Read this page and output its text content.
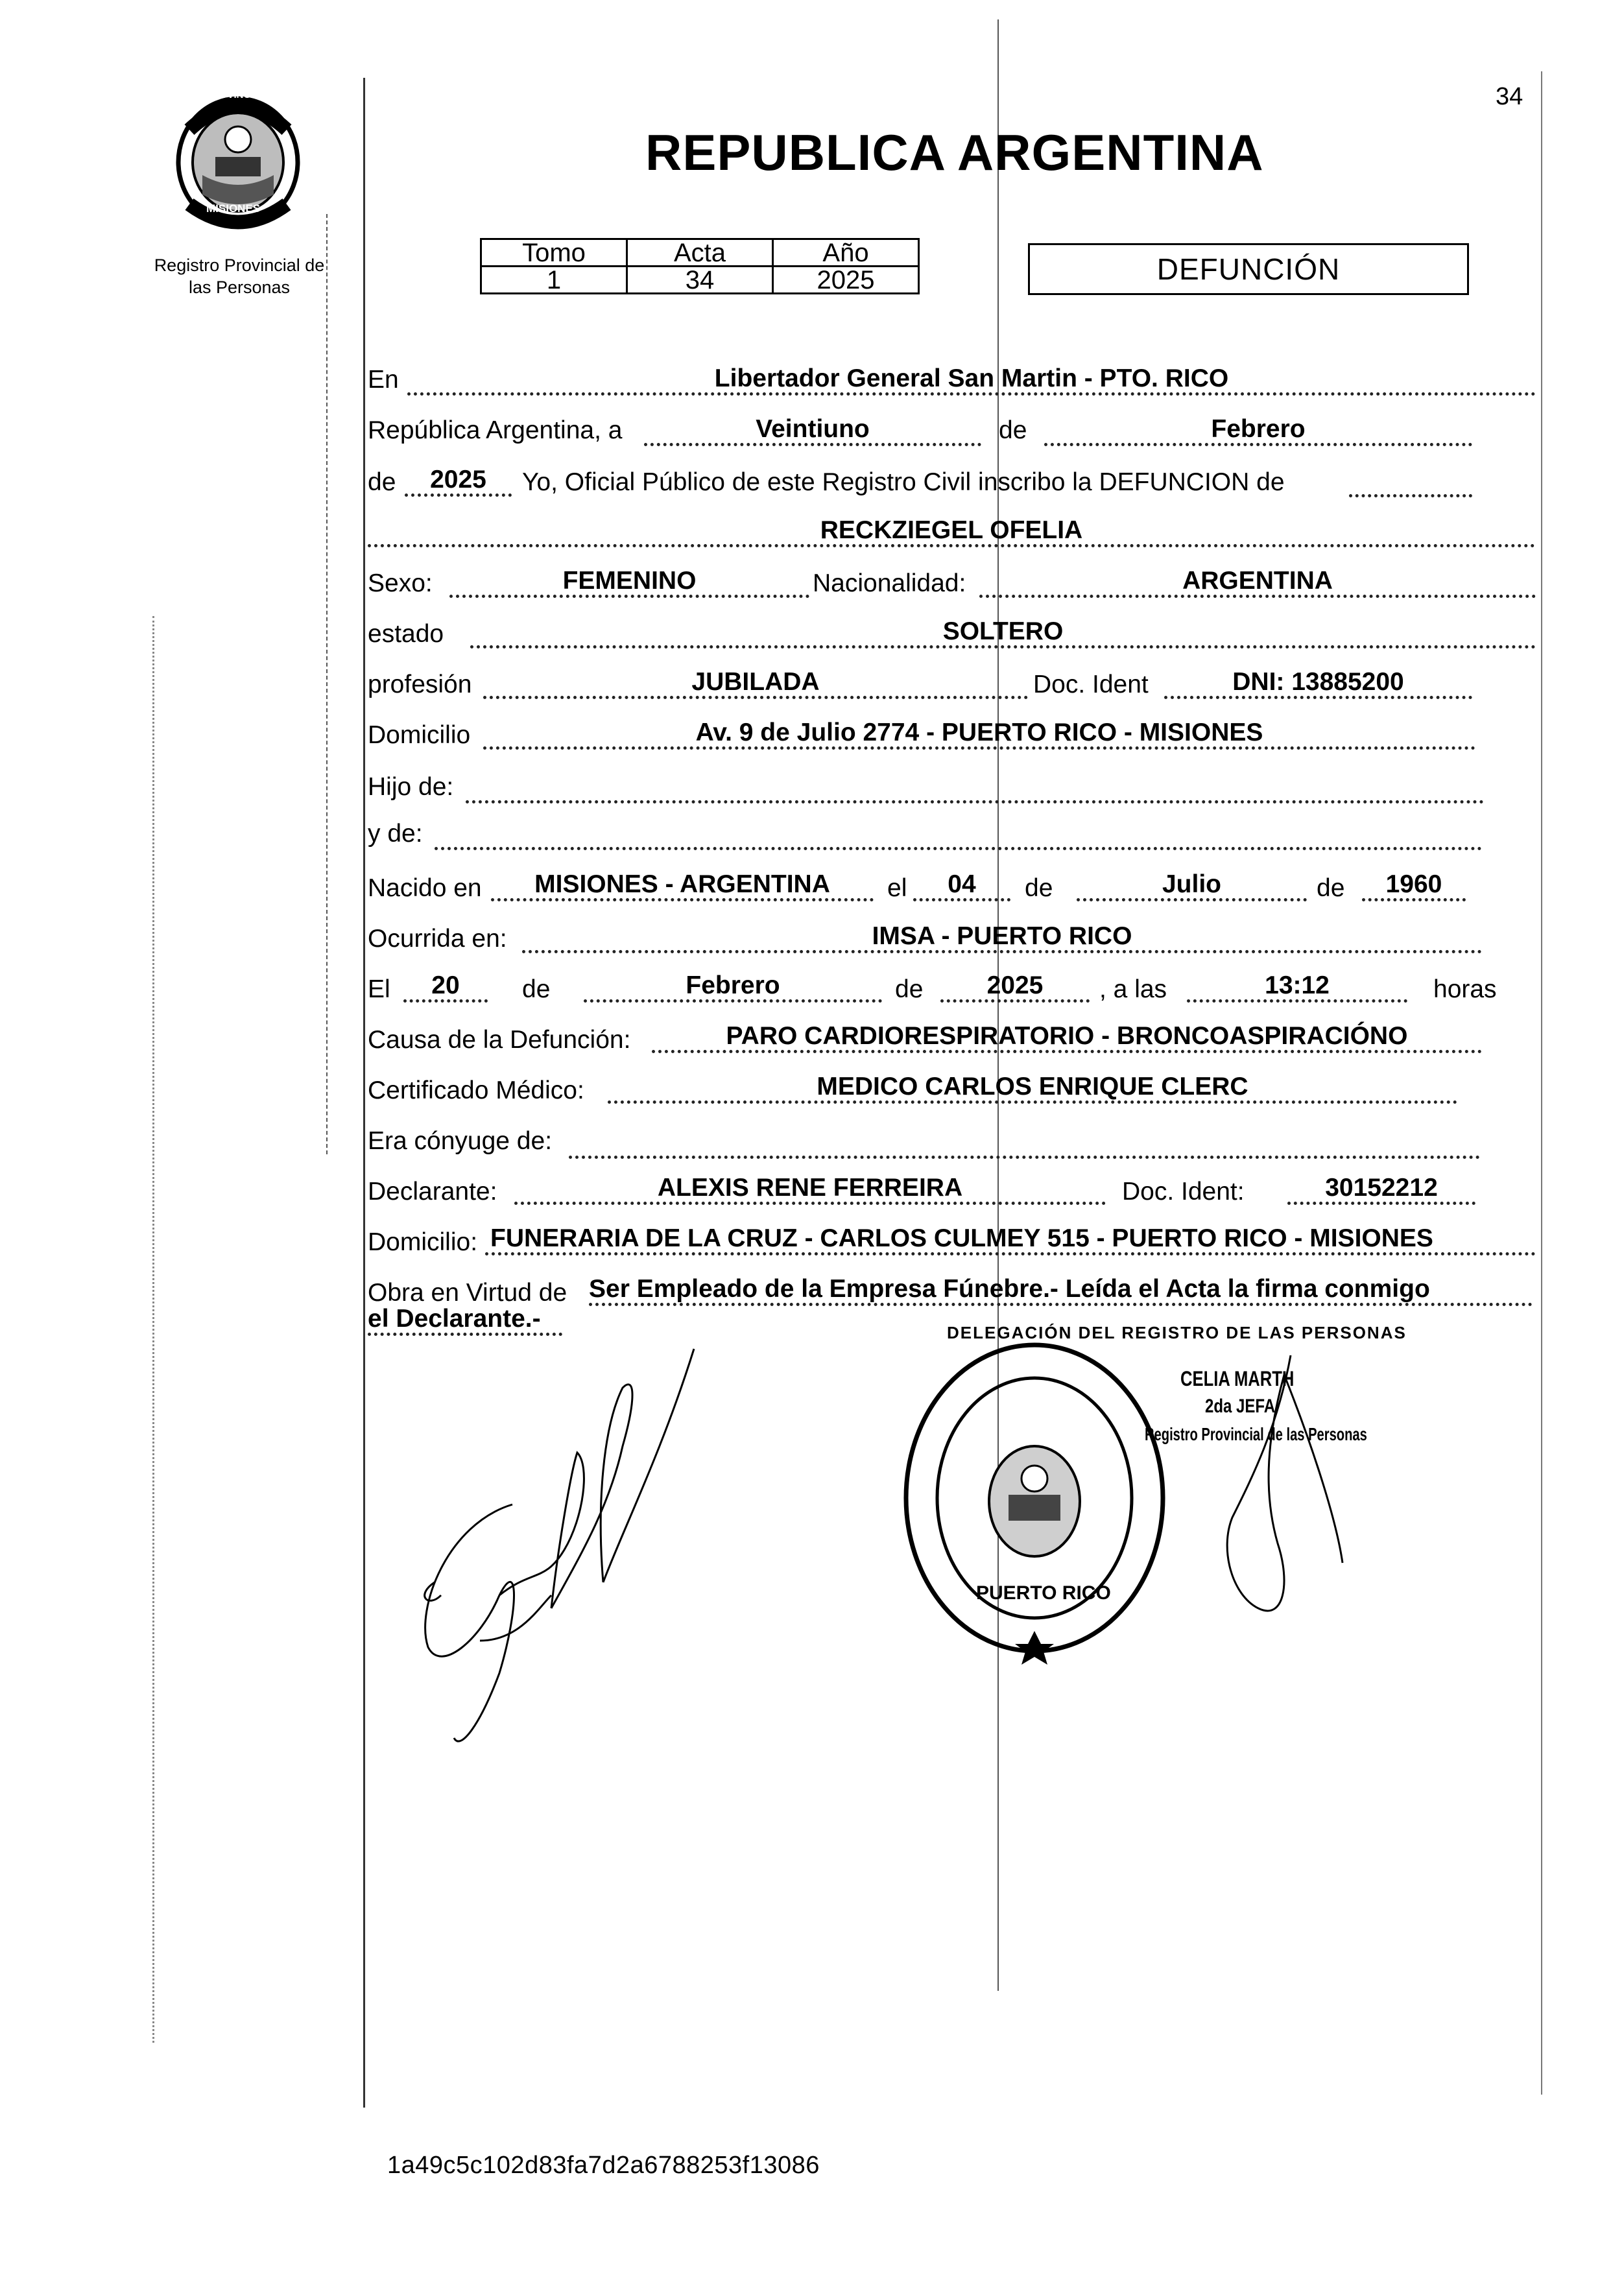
34
PROVINCIA DE
MISIONES
Registro Provincial de las Personas
REPUBLICA ARGENTINA
Tomo	Acta	Año
1	34	2025	DEFUNCIÓN
En	Libertador General San Martin - PTO. RICO
República Argentina, a	Veintiuno	de	Febrero
de	2025	Yo, Oficial Público de este Registro Civil inscribo la DEFUNCION de
RECKZIEGEL OFELIA
Sexo:	FEMENINO	Nacionalidad:	ARGENTINA
estado	SOLTERO
profesión	JUBILADA	Doc. Ident	DNI: 13885200
Domicilio	Av. 9 de Julio 2774 - PUERTO RICO - MISIONES
Hijo de:
y de:
Nacido en	MISIONES - ARGENTINA	el	04	de	Julio	de	1960
Ocurrida en:	IMSA - PUERTO RICO
El	20	de	Febrero	de	2025	, a las	13:12	horas
Causa de la Defunción:	PARO CARDIORESPIRATORIO - BRONCOASPIRACIÓNO
Certificado Médico:	MEDICO CARLOS ENRIQUE CLERC
Era cónyuge de:
Declarante:	ALEXIS RENE FERREIRA	Doc. Ident:	30152212
Domicilio: FUNERARIA DE LA CRUZ - CARLOS CULMEY 515 - PUERTO RICO - MISIONES
Obra en Virtud de Ser Empleado de la Empresa Fúnebre.- Leída el Acta la firma conmigo
el Declarante.-	DELEGACIÓN DEL REGISTRO DE LAS PERSONAS
PUERTO RICO
CELIA MARTH
2da JEFA
Registro Provincial de las Personas
1a49c5c102d83fa7d2a6788253f13086
